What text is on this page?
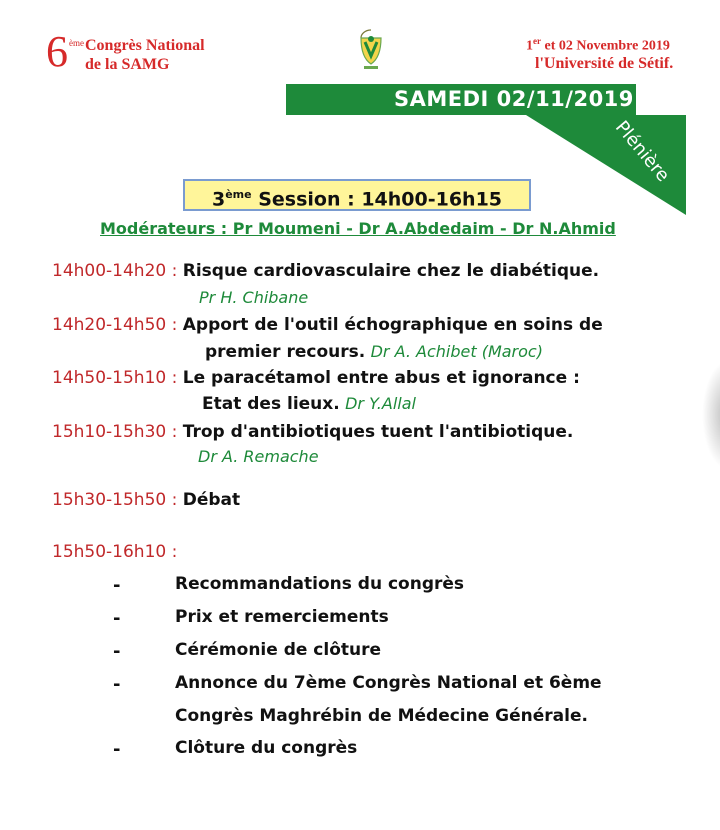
6 ème Congrès National
de la SAMG
1er et 02 Novembre 2019
l'Université de Sétif.
SAMEDI 02/11/2019
Plénière
3ème Session : 14h00-16h15
Modérateurs : Pr Moumeni - Dr A.Abdedaim - Dr N.Ahmid
14h00-14h20 : Risque cardiovasculaire chez le diabétique.
Pr H. Chibane
14h20-14h50 : Apport de l'outil échographique en soins de
premier recours. Dr A. Achibet (Maroc)
14h50-15h10 : Le paracétamol entre abus et ignorance :
Etat des lieux. Dr Y.Allal
15h10-15h30 : Trop d'antibiotiques tuent l'antibiotique.
Dr A. Remache
15h30-15h50 : Débat
15h50-16h10 :
-	Recommandations du congrès
-	Prix et remerciements
-	Cérémonie de clôture
-	Annonce du 7ème Congrès National et 6ème
Congrès Maghrébin de Médecine Générale.
-	Clôture du congrès
